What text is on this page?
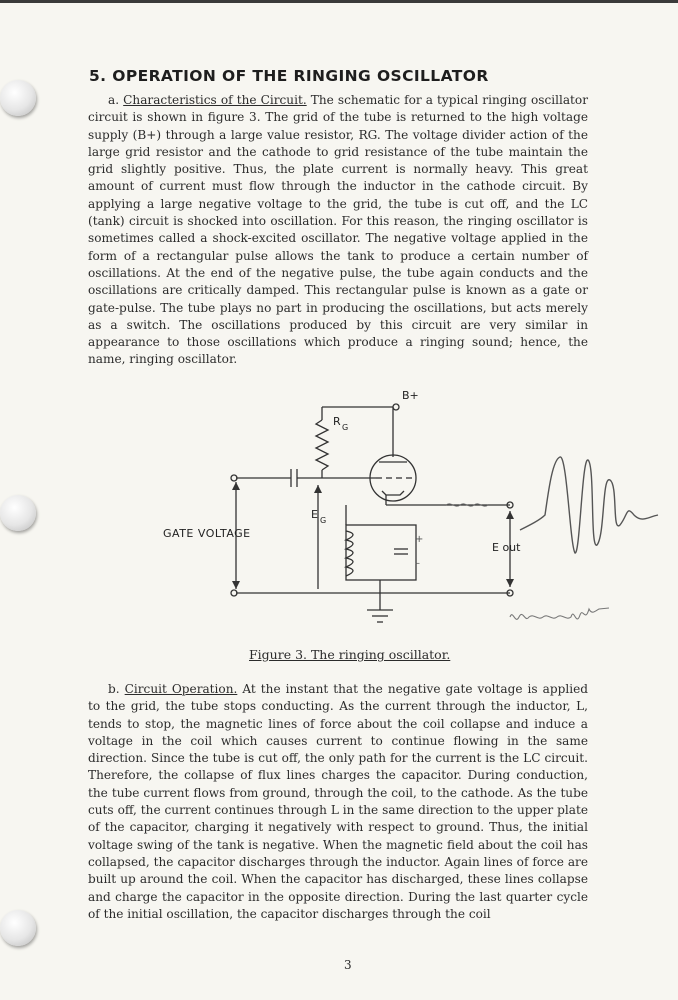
5. OPERATION OF THE RINGING OSCILLATOR

a. Characteristics of the Circuit. The schematic for a typical ringing oscillator circuit is shown in figure 3. The grid of the tube is returned to the high voltage supply (B+) through a large value resistor, RG. The voltage divider action of the large grid resistor and the cathode to grid resistance of the tube maintain the grid slightly positive. Thus, the plate current is normally heavy. This great amount of current must flow through the inductor in the cathode circuit. By applying a large negative voltage to the grid, the tube is cut off, and the LC (tank) circuit is shocked into oscillation. For this reason, the ringing oscillator is sometimes called a shock-excited oscillator. The negative voltage applied in the form of a rectangular pulse allows the tank to produce a certain number of oscillations. At the end of the negative pulse, the tube again conducts and the oscillations are critically damped. This rectangular pulse is known as a gate or gate-pulse. The tube plays no part in producing the oscillations, but acts merely as a switch. The oscillations produced by this circuit are very similar in appearance to those oscillations which produce a ringing sound; hence, the name, ringing oscillator.

B+
R G
E G
GATE VOLTAGE
E out
+
–

Figure 3. The ringing oscillator.

b. Circuit Operation. At the instant that the negative gate voltage is applied to the grid, the tube stops conducting. As the current through the inductor, L, tends to stop, the magnetic lines of force about the coil collapse and induce a voltage in the coil which causes current to continue flowing in the same direction. Since the tube is cut off, the only path for the current is the LC circuit. Therefore, the collapse of flux lines charges the capacitor. During conduction, the tube current flows from ground, through the coil, to the cathode. As the tube cuts off, the current continues through L in the same direction to the upper plate of the capacitor, charging it negatively with respect to ground. Thus, the initial voltage swing of the tank is negative. When the magnetic field about the coil has collapsed, the capacitor discharges through the inductor. Again lines of force are built up around the coil. When the capacitor has discharged, these lines collapse and charge the capacitor in the opposite direction. During the last quarter cycle of the initial oscillation, the capacitor discharges through the coil

3
